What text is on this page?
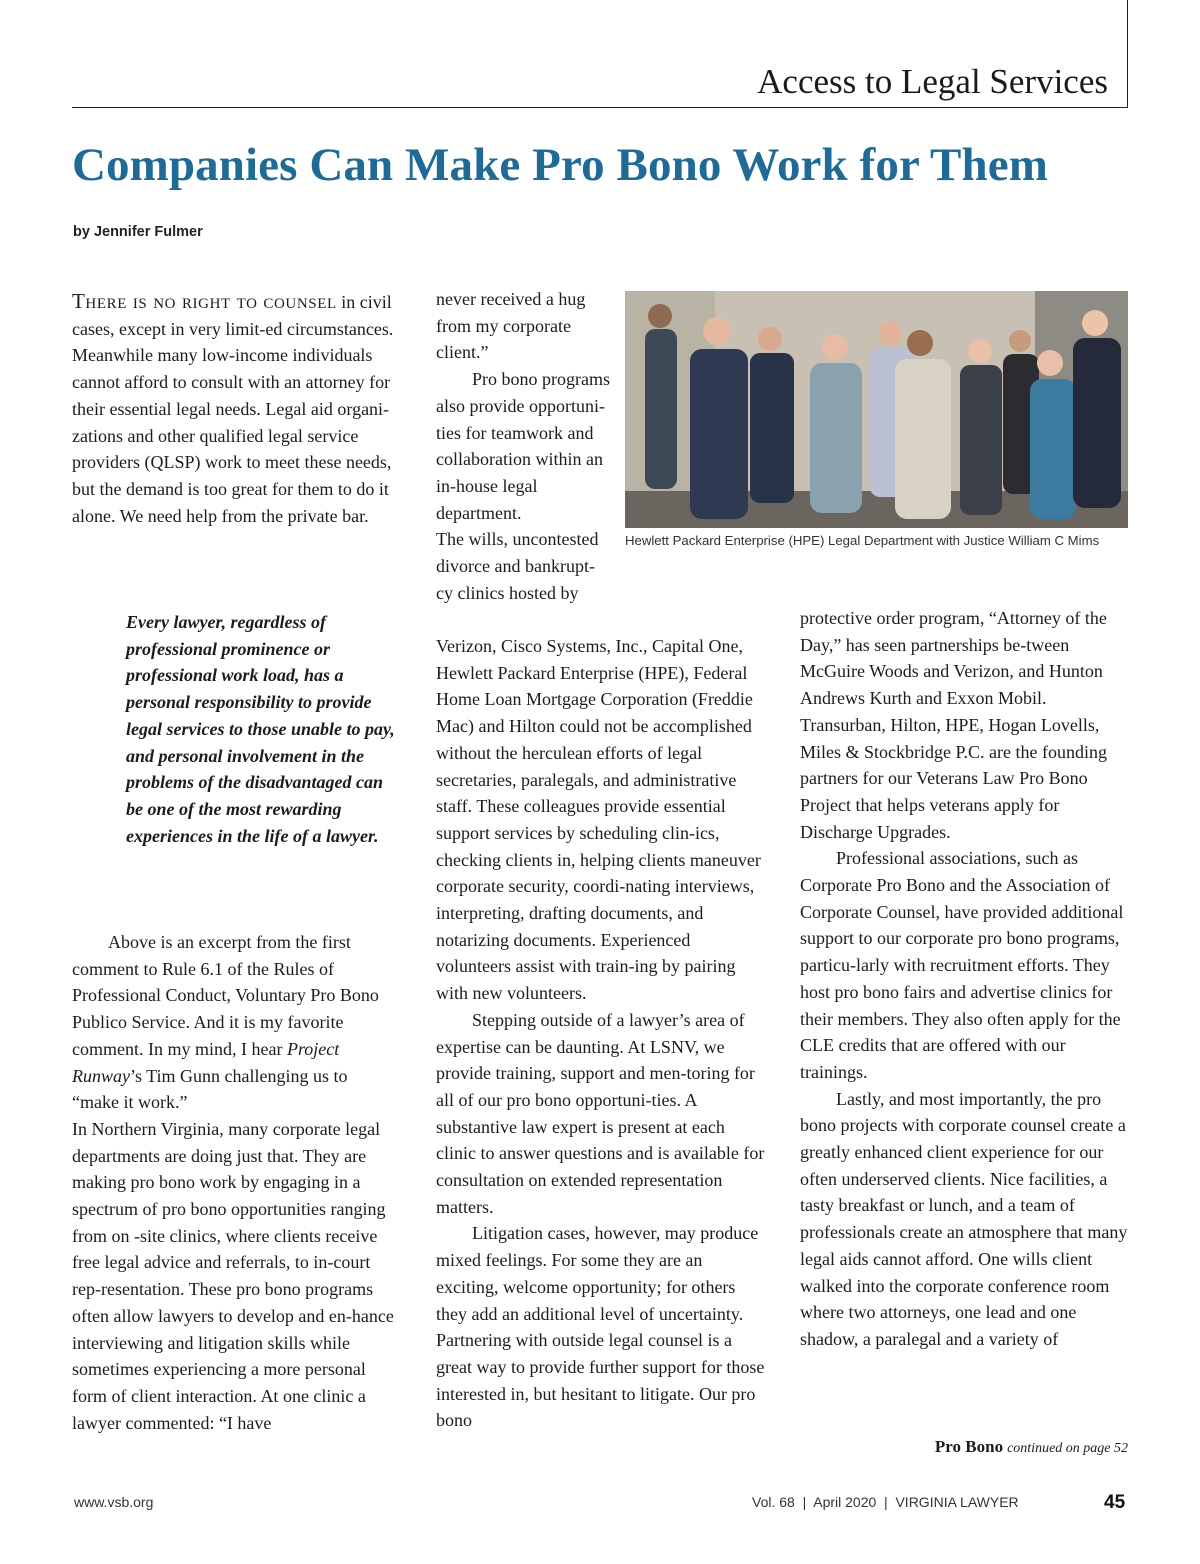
Access to Legal Services
Companies Can Make Pro Bono Work for Them
by Jennifer Fulmer

There is no right to counsel in civil cases, except in very limit-ed circumstances. Meanwhile many low-income individuals cannot afford to consult with an attorney for their essential legal needs. Legal aid organi-zations and other qualified legal service providers (QLSP) work to meet these needs, but the demand is too great for them to do it alone. We need help from the private bar.

Every lawyer, regardless of professional prominence or professional work load, has a personal responsibility to provide legal services to those unable to pay, and personal involvement in the problems of the disadvantaged can be one of the most rewarding experiences in the life of a lawyer.

Above is an excerpt from the first comment to Rule 6.1 of the Rules of Professional Conduct, Voluntary Pro Bono Publico Service. And it is my favorite comment. In my mind, I hear Project Runway’s Tim Gunn challenging us to “make it work.”

In Northern Virginia, many corporate legal departments are doing just that. They are making pro bono work by engaging in a spectrum of pro bono opportunities ranging from on -site clinics, where clients receive free legal advice and referrals, to in-court rep-resentation. These pro bono programs often allow lawyers to develop and en-hance interviewing and litigation skills while sometimes experiencing a more personal form of client interaction. At one clinic a lawyer commented: “I have

never received a hug from my corporate client.”

Pro bono programs also provide opportuni-ties for teamwork and collaboration within an in-house legal department.

The wills, uncontested divorce and bankrupt-cy clinics hosted by

Verizon, Cisco Systems, Inc., Capital One, Hewlett Packard Enterprise (HPE), Federal Home Loan Mortgage Corporation (Freddie Mac) and Hilton could not be accomplished without the herculean efforts of legal secretaries, paralegals, and administrative staff. These colleagues provide essential support services by scheduling clin-ics, checking clients in, helping clients maneuver corporate security, coordi-nating interviews, interpreting, drafting documents, and notarizing documents. Experienced volunteers assist with train-ing by pairing with new volunteers.

Stepping outside of a lawyer’s area of expertise can be daunting. At LSNV, we provide training, support and men-toring for all of our pro bono opportuni-ties. A substantive law expert is present at each clinic to answer questions and is available for consultation on extended representation matters.

Litigation cases, however, may produce mixed feelings. For some they are an exciting, welcome opportunity; for others they add an additional level of uncertainty. Partnering with outside legal counsel is a great way to provide further support for those interested in, but hesitant to litigate. Our pro bono

Hewlett Packard Enterprise (HPE) Legal Department with Justice William C Mims

protective order program, “Attorney of the Day,” has seen partnerships be-tween McGuire Woods and Verizon, and Hunton Andrews Kurth and Exxon Mobil. Transurban, Hilton, HPE, Hogan Lovells, Miles & Stockbridge P.C. are the founding partners for our Veterans Law Pro Bono Project that helps veterans apply for Discharge Upgrades.

Professional associations, such as Corporate Pro Bono and the Association of Corporate Counsel, have provided additional support to our corporate pro bono programs, particu-larly with recruitment efforts. They host pro bono fairs and advertise clinics for their members. They also often apply for the CLE credits that are offered with our trainings.

Lastly, and most importantly, the pro bono projects with corporate counsel create a greatly enhanced client experience for our often underserved clients. Nice facilities, a tasty breakfast or lunch, and a team of professionals create an atmosphere that many legal aids cannot afford. One wills client walked into the corporate conference room where two attorneys, one lead and one shadow, a paralegal and a variety of

Pro Bono continued on page 52
www.vsb.org	Vol. 68  |  April 2020  |  VIRGINIA LAWYER	45
